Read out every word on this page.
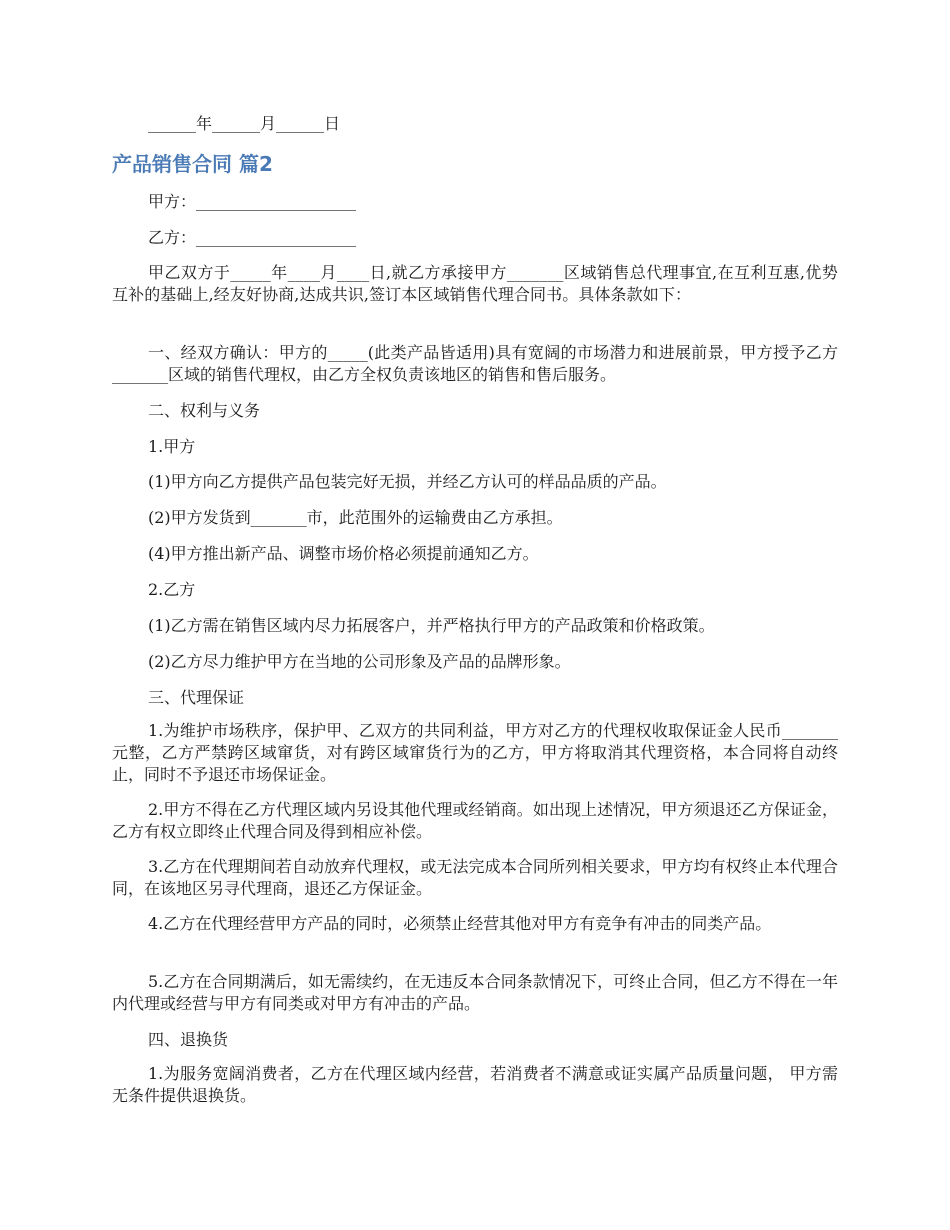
______年______月______日
产品销售合同 篇2
甲方：____________________
乙方：____________________
甲乙双方于_____年____月____日,就乙方承接甲方_______区域销售总代理事宜,在互利互惠,优势互补的基础上,经友好协商,达成共识,签订本区域销售代理合同书。具体条款如下：
一、经双方确认：甲方的_____(此类产品皆适用)具有宽阔的市场潜力和进展前景，甲方授予乙方_______区域的销售代理权，由乙方全权负责该地区的销售和售后服务。
二、权利与义务
1.甲方
(1)甲方向乙方提供产品包装完好无损，并经乙方认可的样品品质的产品。
(2)甲方发货到_______市，此范围外的运输费由乙方承担。
(4)甲方推出新产品、调整市场价格必须提前通知乙方。
2.乙方
(1)乙方需在销售区域内尽力拓展客户，并严格执行甲方的产品政策和价格政策。
(2)乙方尽力维护甲方在当地的公司形象及产品的品牌形象。
三、代理保证
1.为维护市场秩序，保护甲、乙双方的共同利益，甲方对乙方的代理权收取保证金人民币_______元整，乙方严禁跨区域窜货，对有跨区域窜货行为的乙方，甲方将取消其代理资格，本合同将自动终止，同时不予退还市场保证金。
2.甲方不得在乙方代理区域内另设其他代理或经销商。如出现上述情况，甲方须退还乙方保证金，乙方有权立即终止代理合同及得到相应补偿。
3.乙方在代理期间若自动放弃代理权，或无法完成本合同所列相关要求，甲方均有权终止本代理合同，在该地区另寻代理商，退还乙方保证金。
4.乙方在代理经营甲方产品的同时，必须禁止经营其他对甲方有竞争有冲击的同类产品。
5.乙方在合同期满后，如无需续约，在无违反本合同条款情况下，可终止合同，但乙方不得在一年内代理或经营与甲方有同类或对甲方有冲击的产品。
四、退换货
1.为服务宽阔消费者，乙方在代理区域内经营，若消费者不满意或证实属产品质量问题， 甲方需无条件提供退换货。
